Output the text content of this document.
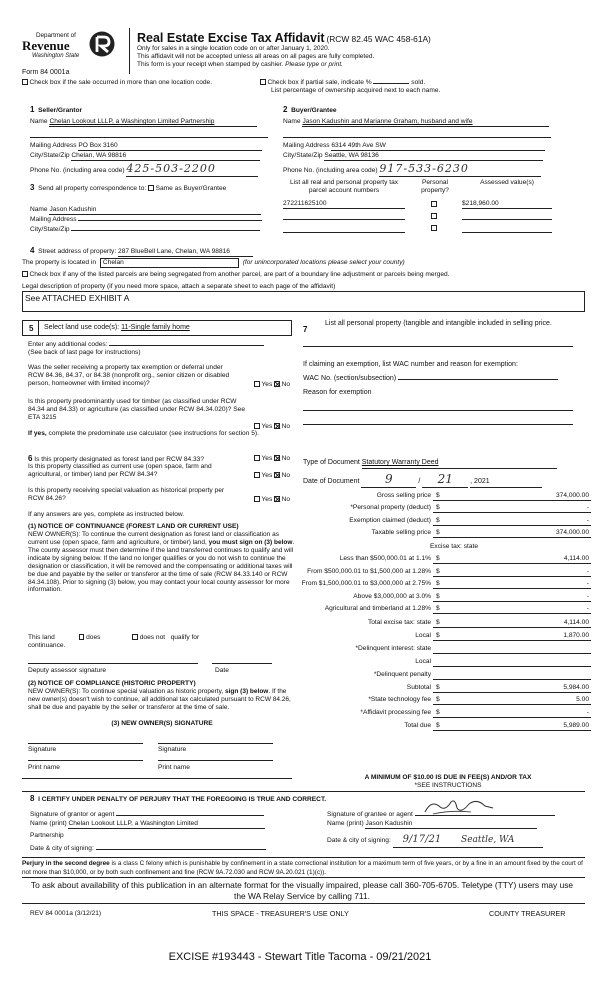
Department of
Revenue
Washington State
Form 84 0001a
Real Estate Excise Tax Affidavit (RCW 82.45 WAC 458-61A)
Only for sales in a single location code on or after January 1, 2020.
This affidavit will not be accepted unless all areas on all pages are fully completed.
This form is your receipt when stamped by cashier. Please type or print.
Check box if the sale occurred in more than one location code.	Check box if partial sale, indicate %	sold.
List percentage of ownership acquired next to each name.
1 Seller/Grantor
Name Chelan Lookout LLLP, a Washington Limited Partnership
Mailing Address PO Box 3160
City/State/Zip Chelan, WA 98816
Phone No. (including area code) 425-503-2200
2 Buyer/Grantee
Name Jason Kadushin and Marianne Graham, husband and wife
Mailing Address 6314 49th Ave SW
City/State/Zip Seattle, WA 98136
Phone No. (including area code) 917-533-6230
3 Send all property correspondence to: Same as Buyer/Grantee
Name Jason Kadushin
Mailing Address
City/State/Zip
List all real and personal property tax parcel account numbers
Personal property?
Assessed value(s)
272211625100	$218,960.00
4 Street address of property: 287 BlueBell Lane, Chelan, WA 98816
The property is located in Chelan	(for unincorporated locations please select your county)
Check box if any of the listed parcels are being segregated from another parcel, are part of a boundary line adjustment or parcels being merged.
Legal description of property (if you need more space, attach a separate sheet to each page of the affidavit)
See ATTACHED EXHIBIT A
5 Select land use code(s): 11-Single family home
Enter any additional codes:
(See back of last page for instructions)
Was the seller receiving a property tax exemption or deferral under RCW 84.36, 84.37, or 84.38 (nonprofit org., senior citizen or disabled person, homeowner with limited income)?	Yes No
Is this property predominantly used for timber (as classified under RCW 84.34 and 84.33) or agriculture (as classified under RCW 84.34.020)? See ETA 3215
Yes No
If yes, complete the predominate use calculator (see instructions for section 5).
6 Is this property designated as forest land per RCW 84.33?	Yes No
Is this property classified as current use (open space, farm and agricultural, or timber) land per RCW 84.34?	Yes No
Is this property receiving special valuation as historical property per RCW 84.26?	Yes No
If any answers are yes, complete as instructed below.
(1) NOTICE OF CONTINUANCE (FOREST LAND OR CURRENT USE)
NEW OWNER(S): To continue the current designation as forest land or classification as current use (open space, farm and agriculture, or timber) land, you must sign on (3) below. The county assessor must then determine if the land transferred continues to qualify and will indicate by signing below. If the land no longer qualifies or you do not wish to continue the designation or classification, it will be removed and the compensating or additional taxes will be due and payable by the seller or transferor at the time of sale (RCW 84.33.140 or RCW 84.34.108). Prior to signing (3) below, you may contact your local county assessor for more information.
This land	does	does not qualify for
continuance.
Deputy assessor signature	Date
(2) NOTICE OF COMPLIANCE (HISTORIC PROPERTY)
NEW OWNER(S): To continue special valuation as historic property, sign (3) below. If the new owner(s) doesn't wish to continue, all additional tax calculated pursuant to RCW 84.26, shall be due and payable by the seller or transferor at the time of sale.
(3) NEW OWNER(S) SIGNATURE
Signature	Signature
Print name	Print name
7
List all personal property (tangible and intangible included in selling price.
If claiming an exemption, list WAC number and reason for exemption:
WAC No. (section/subsection)
Reason for exemption
Type of Document Statutory Warranty Deed
Date of Document 9	/ 21 , 2021
Gross selling price	374,000.00
$
*Personal property (deduct)	-
$
Exemption claimed (deduct)	-
$
Taxable selling price	374,000.00
$
Excise tax: state
Less than $500,000.01 at 1.1%	4,114.00
$
From $500,000.01 to $1,500,000 at 1.28%	-
$
From $1,500,000.01 to $3,000,000 at 2.75%	-
$
Above $3,000,000 at 3.0%	-
$
Agricultural and timberland at 1.28%	-
$
Total excise tax: state	4,114.00
$
Local	1,870.00
$
*Delinquent interest: state
Local
*Delinquent penalty
Subtotal	5,984.00
$
*State technology fee	5.00
$
*Affidavit processing fee	-
$
Total due	5,989.00
$
A MINIMUM OF $10.00 IS DUE IN FEE(S) AND/OR TAX
*SEE INSTRUCTIONS
8 I CERTIFY UNDER PENALTY OF PERJURY THAT THE FOREGOING IS TRUE AND CORRECT.
Signature of grantor or agent
Name (print) Chelan Lookout LLLP, a Washington Limited
Partnership
Date & city of signing:
Signature of grantee or agent
Name (print) Jason Kadushin
Date & city of signing: 9/17/21 Seattle, WA
Perjury in the second degree is a class C felony which is punishable by confinement in a state correctional institution for a maximum term of five years, or by a fine in an amount fixed by the court of not more than $10,000, or by both such confinement and fine (RCW 9A.72.030 and RCW 9A.20.021 (1)(c)).
To ask about availability of this publication in an alternate format for the visually impaired, please call 360-705-6705. Teletype (TTY) users may use the WA Relay Service by calling 711.
REV 84 0001a (3/12/21)	THIS SPACE - TREASURER'S USE ONLY	COUNTY TREASURER
EXCISE #193443 - Stewart Title Tacoma - 09/21/2021
